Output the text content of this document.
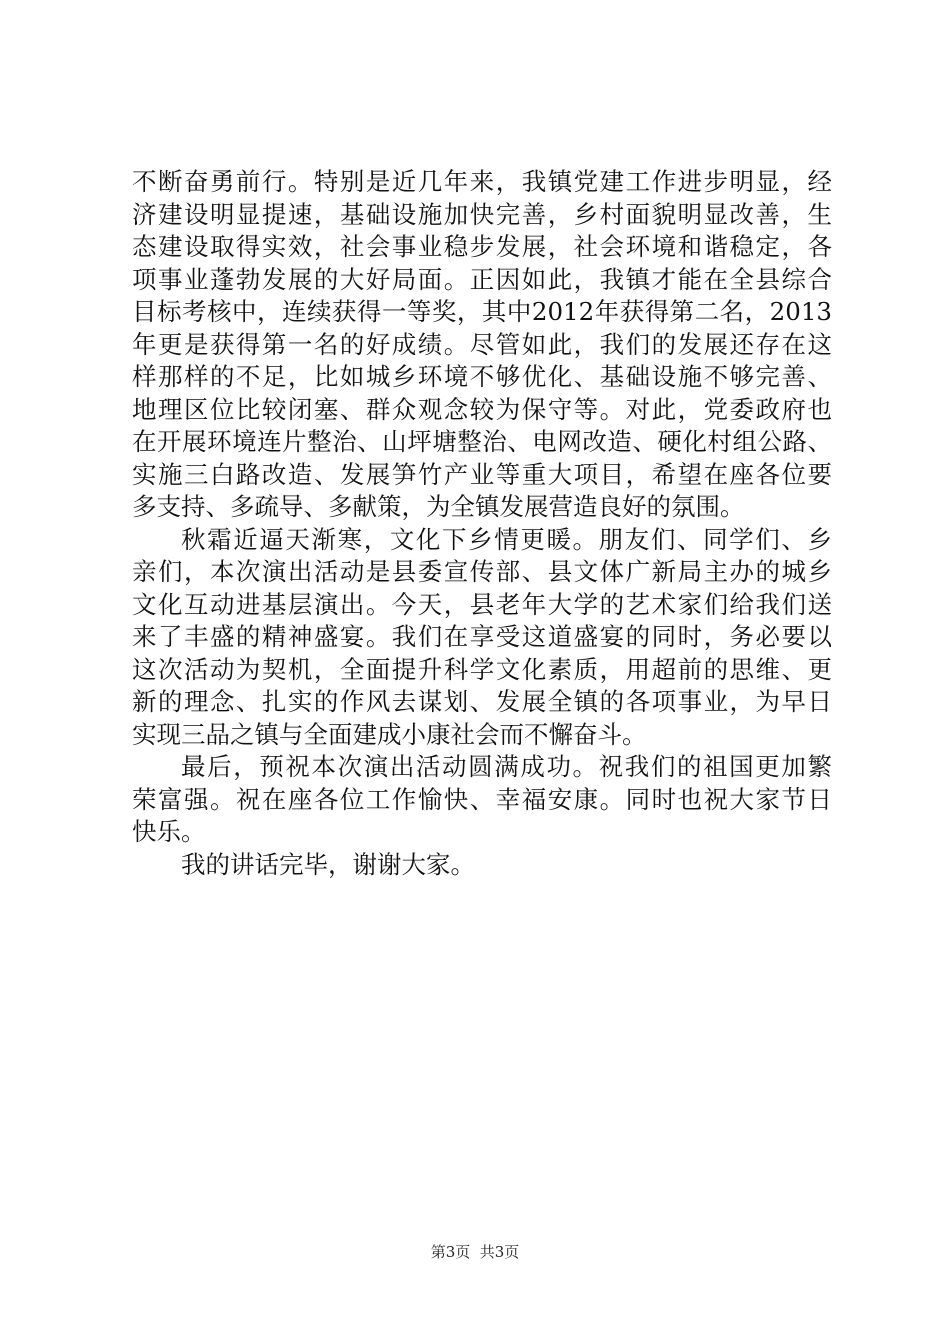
不断奋勇前行。特别是近几年来，我镇党建工作进步明显，经
济建设明显提速，基础设施加快完善，乡村面貌明显改善，生
态建设取得实效，社会事业稳步发展，社会环境和谐稳定，各
项事业蓬勃发展的大好局面。正因如此，我镇才能在全县综合
目标考核中，连续获得一等奖，其中2012年获得第二名，2013
年更是获得第一名的好成绩。尽管如此，我们的发展还存在这
样那样的不足，比如城乡环境不够优化、基础设施不够完善、
地理区位比较闭塞、群众观念较为保守等。对此，党委政府也
在开展环境连片整治、山坪塘整治、电网改造、硬化村组公路、
实施三白路改造、发展笋竹产业等重大项目，希望在座各位要
多支持、多疏导、多献策，为全镇发展营造良好的氛围。
秋霜近逼天渐寒，文化下乡情更暖。朋友们、同学们、乡
亲们，本次演出活动是县委宣传部、县文体广新局主办的城乡
文化互动进基层演出。今天，县老年大学的艺术家们给我们送
来了丰盛的精神盛宴。我们在享受这道盛宴的同时，务必要以
这次活动为契机，全面提升科学文化素质，用超前的思维、更
新的理念、扎实的作风去谋划、发展全镇的各项事业，为早日
实现三品之镇与全面建成小康社会而不懈奋斗。
最后，预祝本次演出活动圆满成功。祝我们的祖国更加繁
荣富强。祝在座各位工作愉快、幸福安康。同时也祝大家节日
快乐。
我的讲话完毕，谢谢大家。
第3页  共3页
